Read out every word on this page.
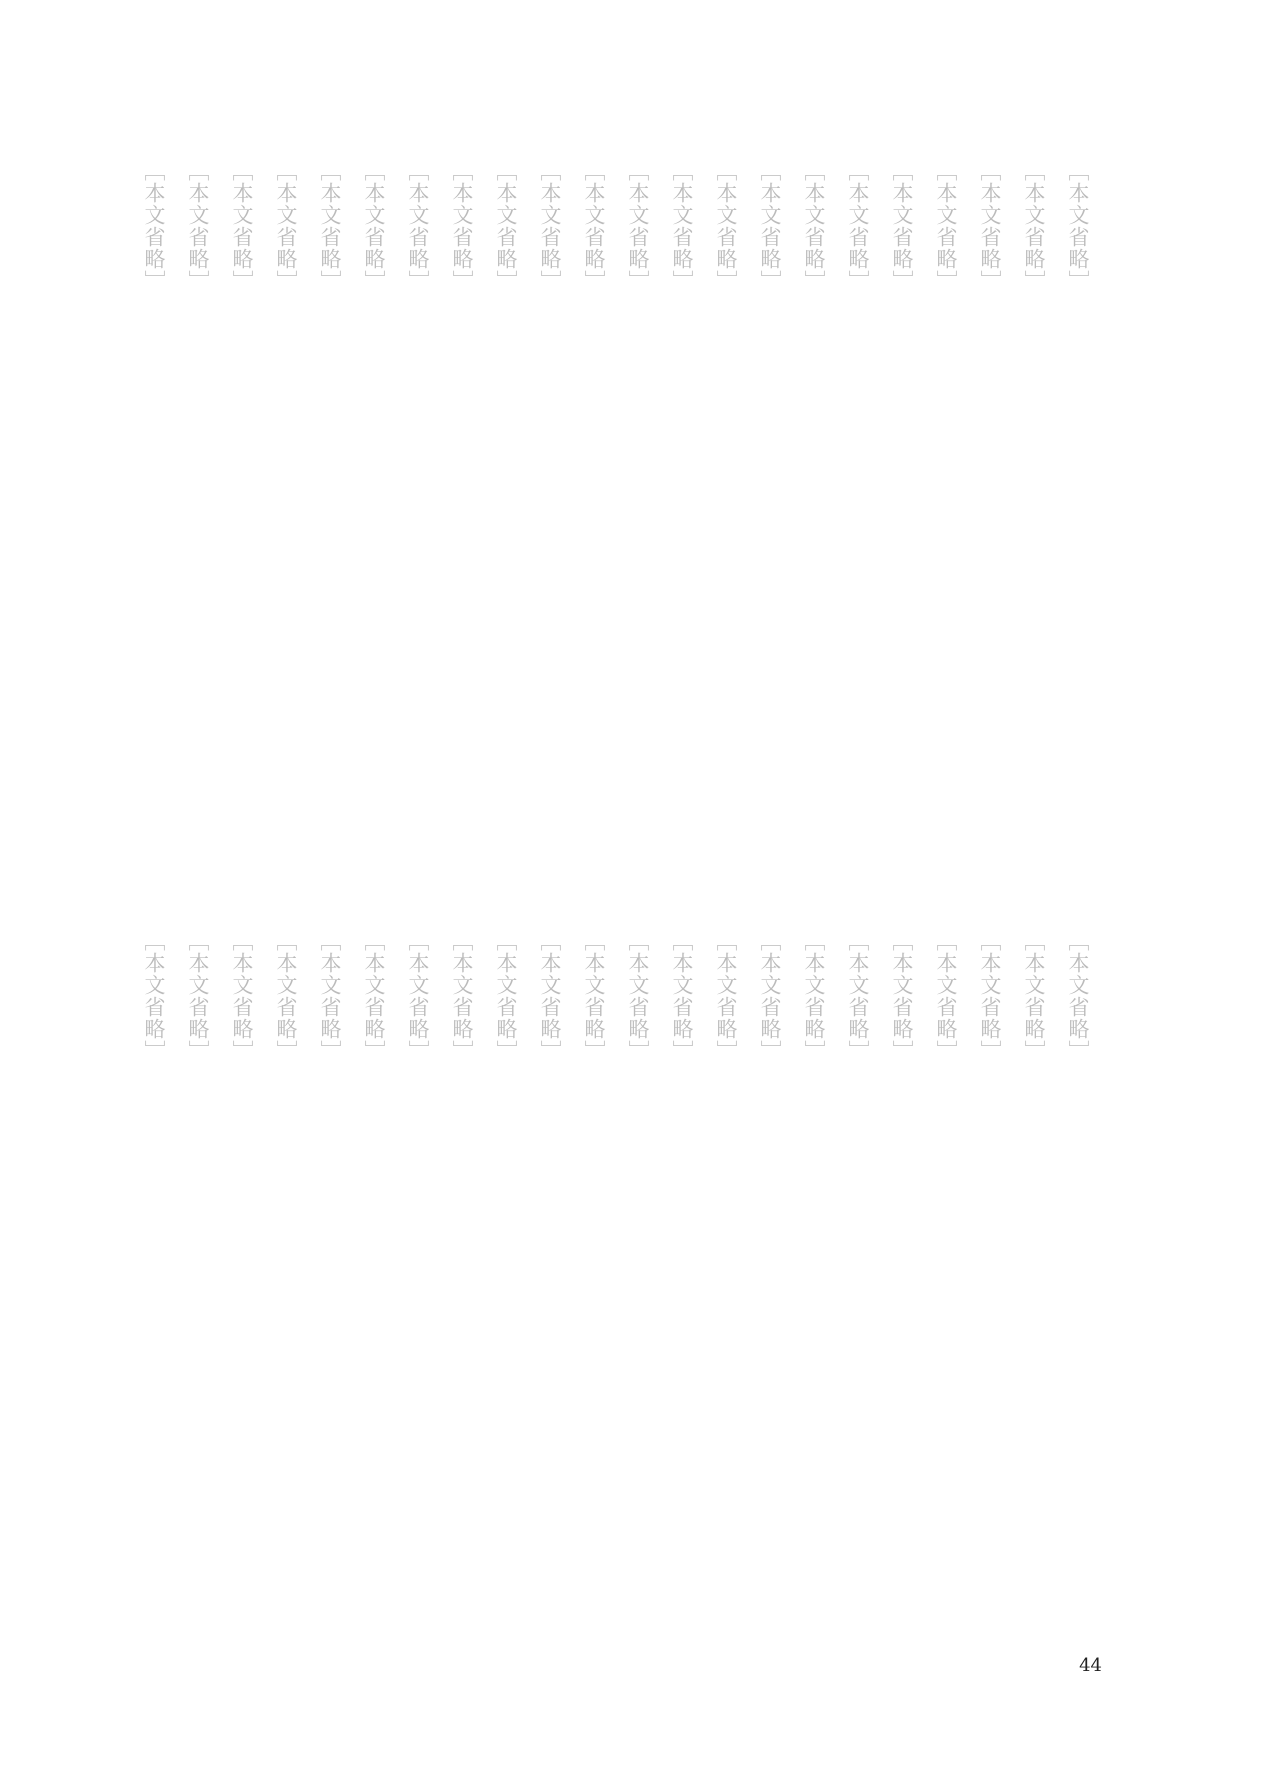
［本文省略］
［本文省略］
［本文省略］
［本文省略］
［本文省略］
［本文省略］
［本文省略］
［本文省略］
［本文省略］
［本文省略］
［本文省略］
［本文省略］
［本文省略］
［本文省略］
［本文省略］
［本文省略］
［本文省略］
［本文省略］
［本文省略］
［本文省略］
［本文省略］
［本文省略］
［本文省略］
［本文省略］
［本文省略］
［本文省略］
［本文省略］
［本文省略］
［本文省略］
［本文省略］
［本文省略］
［本文省略］
［本文省略］
［本文省略］
［本文省略］
［本文省略］
［本文省略］
［本文省略］
［本文省略］
［本文省略］
［本文省略］
［本文省略］
［本文省略］
［本文省略］
44
